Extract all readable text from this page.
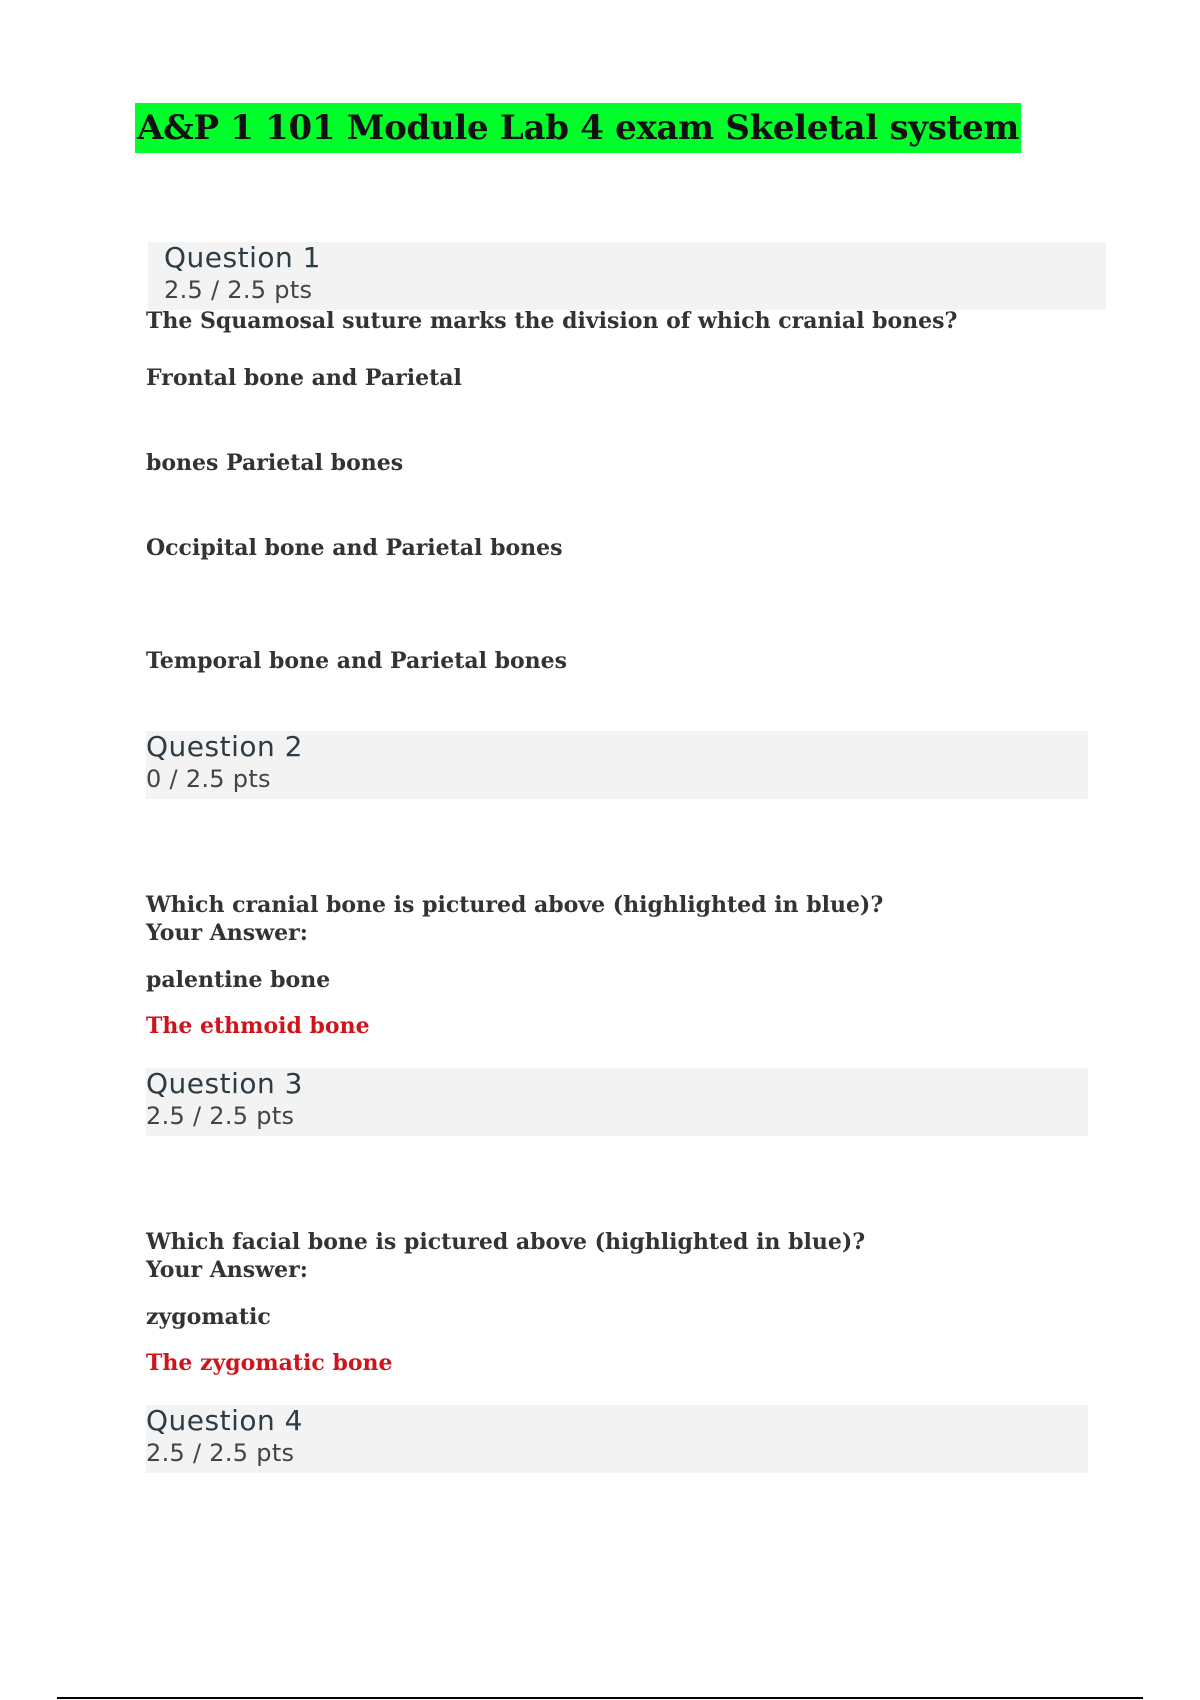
A&P 1 101 Module Lab 4 exam Skeletal system
Question 1
2.5 / 2.5 pts
The Squamosal suture marks the division of which cranial bones?
Frontal bone and Parietal
bones Parietal bones
Occipital bone and Parietal bones
Temporal bone and Parietal bones
Question 2
0 / 2.5 pts
Which cranial bone is pictured above (highlighted in blue)?
Your Answer:
palentine bone
The ethmoid bone
Question 3
2.5 / 2.5 pts
Which facial bone is pictured above (highlighted in blue)?
Your Answer:
zygomatic
The zygomatic bone
Question 4
2.5 / 2.5 pts
